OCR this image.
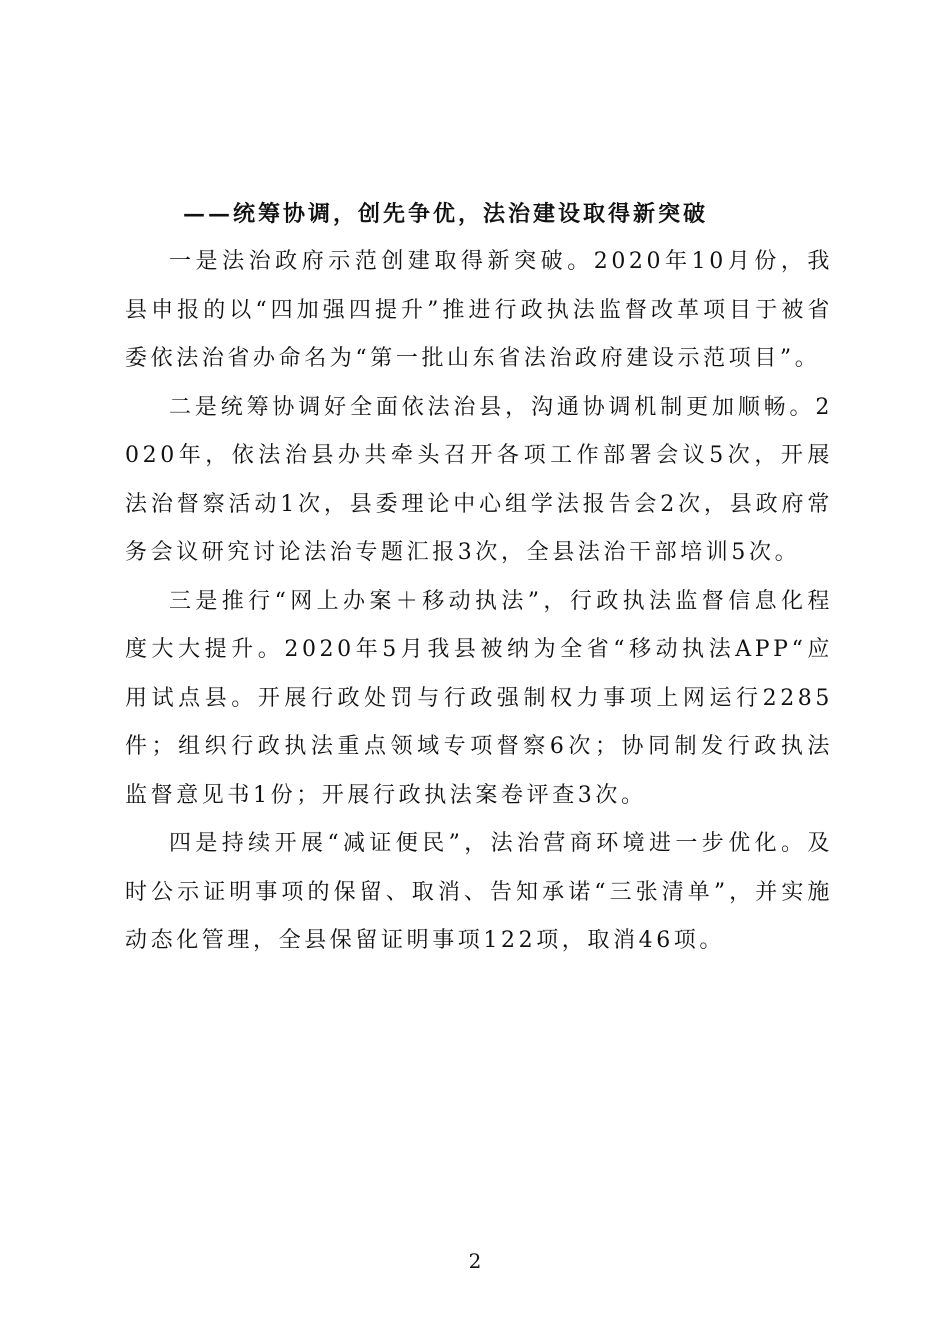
——统筹协调，创先争优，法治建设取得新突破

一是法治政府示范创建取得新突破。2020年10月份，我县申报的以“四加强四提升”推进行政执法监督改革项目于被省委依法治省办命名为“第一批山东省法治政府建设示范项目”。

二是统筹协调好全面依法治县，沟通协调机制更加顺畅。2020年，依法治县办共牵头召开各项工作部署会议5次，开展法治督察活动1次，县委理论中心组学法报告会2次，县政府常务会议研究讨论法治专题汇报3次，全县法治干部培训5次。

三是推行“网上办案＋移动执法”，行政执法监督信息化程度大大提升。2020年5月我县被纳为全省“移动执法APP“应用试点县。开展行政处罚与行政强制权力事项上网运行2285件；组织行政执法重点领域专项督察6次；协同制发行政执法监督意见书1份；开展行政执法案卷评查3次。

四是持续开展“减证便民”，法治营商环境进一步优化。及时公示证明事项的保留、取消、告知承诺“三张清单”，并实施动态化管理，全县保留证明事项122项，取消46项。

2
